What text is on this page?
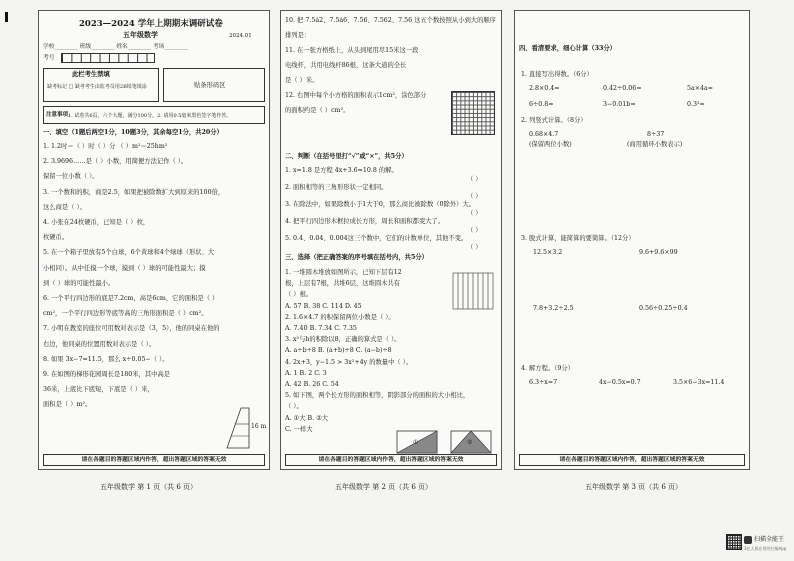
2023—2024 学年上期期末调研试卷
五年级数学	2024.01
学校________ 班级________ 姓名________ 考场________
考号
此栏考生禁填
缺考标记 □ 缺考考生由监考员用2B铅笔填涂	贴条形码区
注意事项 1. 试卷共6页，六个大题，满分100分。2. 请用0.5毫米黑色签字笔作答。
一、填空（1题后两空1分，10题3分，其余每空1分，共20分）
1. 1.2吋＝（ ）时（ ）分 （ ）m²＝25hm²
2. 3.9696……是（ ）小数，用简便方法记作（ ）。
保留一位小数（ ）。
3. 一个数和的积，商是2.5，如果把被除数扩大到原来的100倍，
这么商是（ ）。
4. 小张在24枚硬币，已知是（ ）枚，
枚硬币。
5. 在一个箱子里放有5个白球，6个黄球和4个绿球（形状、大
小相同）。从中任摸一个球，摸到（ ）球的可能性最大；摸
到（ ）球的可能性最小。
6. 一个平行四边形的底是7.2cm，高是6cm，它的面积是（ ）
cm²，一个平行四边形等底等高的三角形面积是（ ）cm²。
7. 小明在教室的座位可用数对表示是（3，5），他的同桌在他的
右边，他同桌的位置用数对表示是（ ）。
8. 如果 3x−7=11.5，那么 x÷0.05−（ ）。
9. 在如图的梯形花园周长是180米，其中高是
36米，上底比下底短，下底是（ ）米，
面积是（ ）m²。
16 m
请在各题目的答题区域内作答，超出答题区域的答案无效
五年级数学 第 1 页（共 6 页）
10. 把 7.5ȧ2、7.5ȧ6、7.5̇6、7.562、7.56 这五个数按照从小到大的顺序
排列是：
11. 在一张方格纸上，从头到尾用尽15米这一段
电线杆，共用电线杆86根，这条大道的全长
是（ ）米。
12. 右图中每个小方格的面积表示1cm²，涂色部分
的面积约是（ ）cm²。
二、判断（在括号里打“√”或“×”，共5分）
1. x=1.8 是方程 4x+3.6=10.8 的解。
（ ）
2. 面积相等的三角形形状一定相同。
（ ）
3. 在除法中，如果除数小于1大于0，那么商比被除数（0除外）大。
（ ）
4. 把平行四边形木框拉成长方形，周长和面积都变大了。
（ ）
5. 0.4、0.04、0.004这三个数中，它们的计数单位，其他不变。
（ ）
三、选择（把正确答案的序号填在括号内，共5分）
1. 一堆圆木堆放如图所示，已知下层有12
根，上层有7根，共堆6层，这堆圆木共有
（ ）根。
A. 57 B. 38 C. 114 D. 45
2. 1.6×4.7 的积保留两位小数是（ ）。
A. 7.40 B. 7.34 C. 7.35
3. x²与b的积除以8，正确的算式是（ ）。
A. a÷b÷8 B. (a+b)÷8 C. (a−b)÷8
4. 2x+3，y−1.5 > 3x²+4y 的数量中（ ）。
A. 1 B. 2 C. 3
A. 42 B. 26 C. 54
5. 如下图，两个长方形的面积相等，阴影部分的面积的大小相比，
（ ）。
A. ①大 B. ②大
C. 一样大
①	②
请在各题目的答题区域内作答，超出答题区域的答案无效
五年级数学 第 2 页（共 6 页）
四、看清要求，细心计算（33分）
1. 直接写出得数。（6分）
2.8×0.4=	0.42÷0.06=	5a×4a=
6÷0.8=	3−0.01b=	0.3²=
2. 列竖式计算。（8分）
0.68×4.7	8÷37
(保留两位小数)	(商用循环小数表示)
3. 脱式计算，能简算的要简算。（12分）
12.5×3.2	9.6+9.6×99
7.8+3.2÷2.5	0.56÷0.25÷0.4
4. 解方程。（9分）
6.3÷x=7	4x−0.5x=0.7	3.5×6−3x=11.4
请在各题目的答题区域内作答，超出答题区域的答案无效
五年级数学 第 3 页（共 6 页）
扫描全能王
3亿人都在用的扫描App
